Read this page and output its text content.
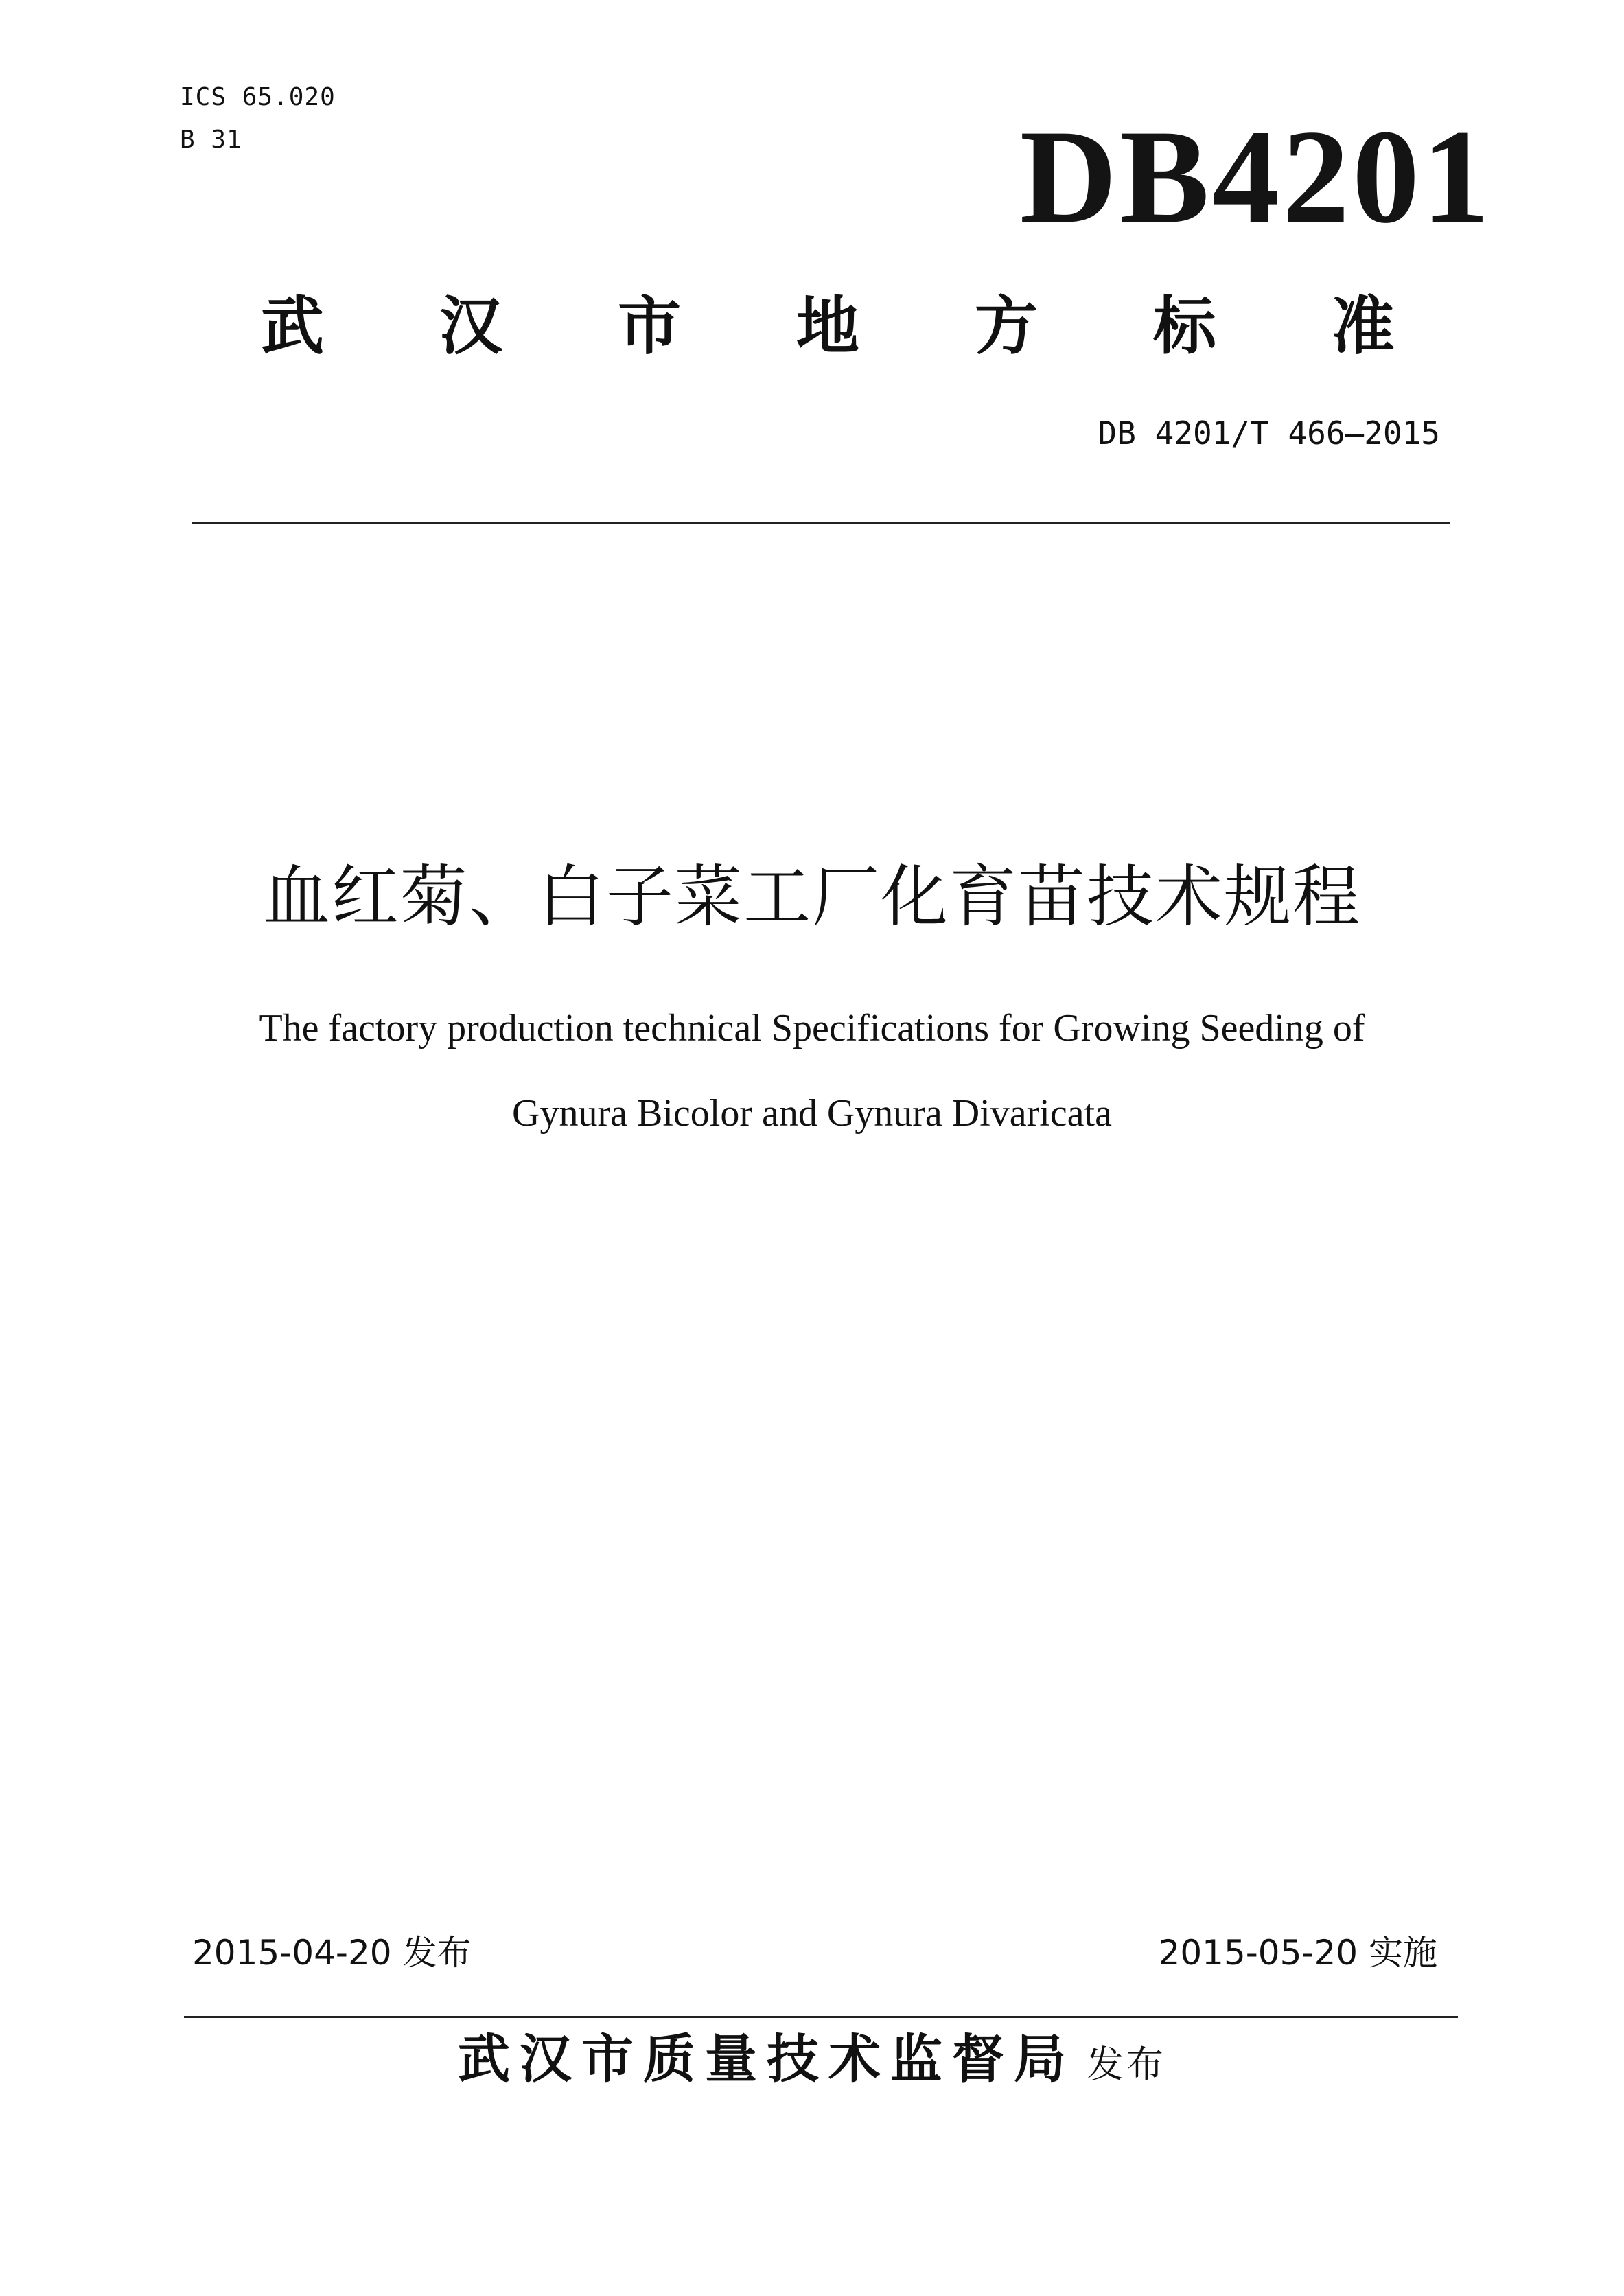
ICS 65.020
B 31	DB4201
武 汉 市 地 方 标 准
DB 4201/T 466—2015
血红菊、白子菜工厂化育苗技术规程
The factory production technical Specifications for Growing Seeding of
Gynura Bicolor and Gynura Divaricata
2015-04-20 发布	2015-05-20 实施
武汉市质量技术监督局 发布
